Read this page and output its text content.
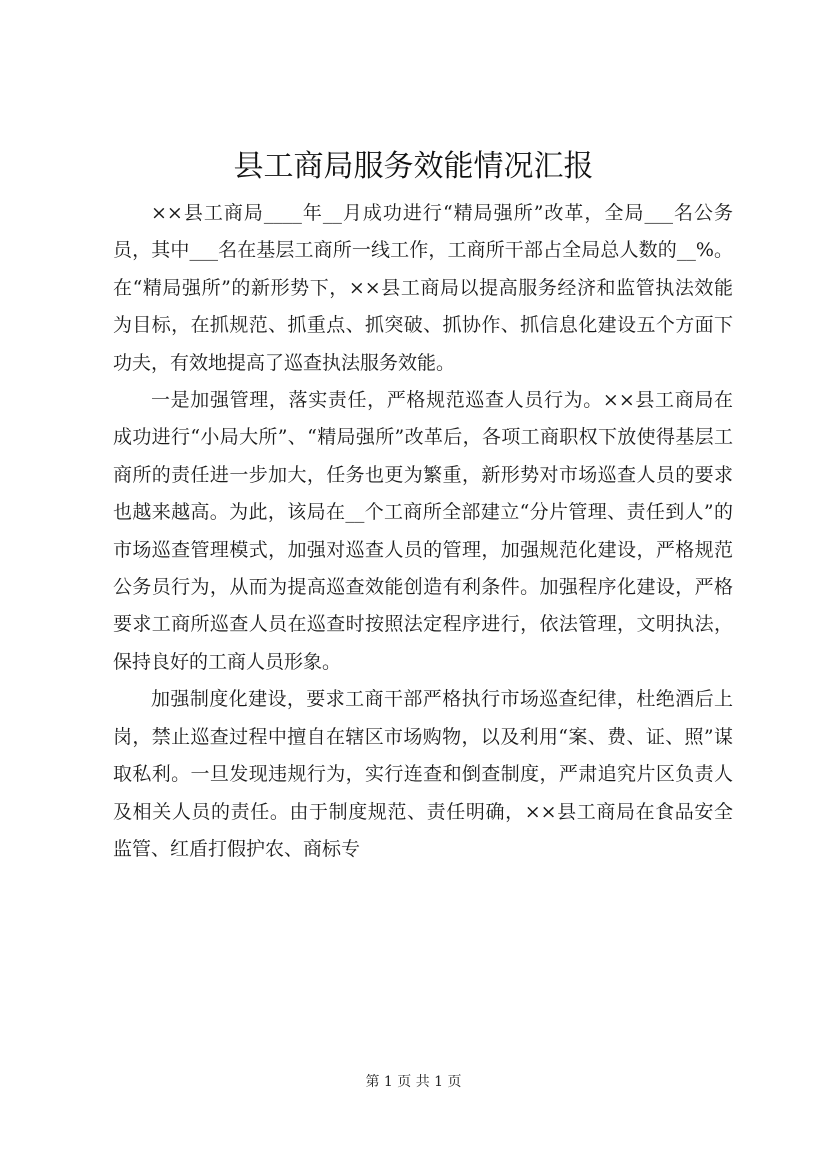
县工商局服务效能情况汇报

××县工商局____年__月成功进行“精局强所”改革，全局___名公务员，其中___名在基层工商所一线工作，工商所干部占全局总人数的__%。在“精局强所”的新形势下，××县工商局以提高服务经济和监管执法效能为目标，在抓规范、抓重点、抓突破、抓协作、抓信息化建设五个方面下功夫，有效地提高了巡查执法服务效能。

一是加强管理，落实责任，严格规范巡查人员行为。××县工商局在成功进行“小局大所”、“精局强所”改革后，各项工商职权下放使得基层工商所的责任进一步加大，任务也更为繁重，新形势对市场巡查人员的要求也越来越高。为此，该局在__个工商所全部建立“分片管理、责任到人”的市场巡查管理模式，加强对巡查人员的管理，加强规范化建设，严格规范公务员行为，从而为提高巡查效能创造有利条件。加强程序化建设，严格要求工商所巡查人员在巡查时按照法定程序进行，依法管理，文明执法，保持良好的工商人员形象。

加强制度化建设，要求工商干部严格执行市场巡查纪律，杜绝酒后上岗，禁止巡查过程中擅自在辖区市场购物，以及利用“案、费、证、照”谋取私利。一旦发现违规行为，实行连查和倒查制度，严肃追究片区负责人及相关人员的责任。由于制度规范、责任明确，××县工商局在食品安全监管、红盾打假护农、商标专

第 1 页 共 1 页
